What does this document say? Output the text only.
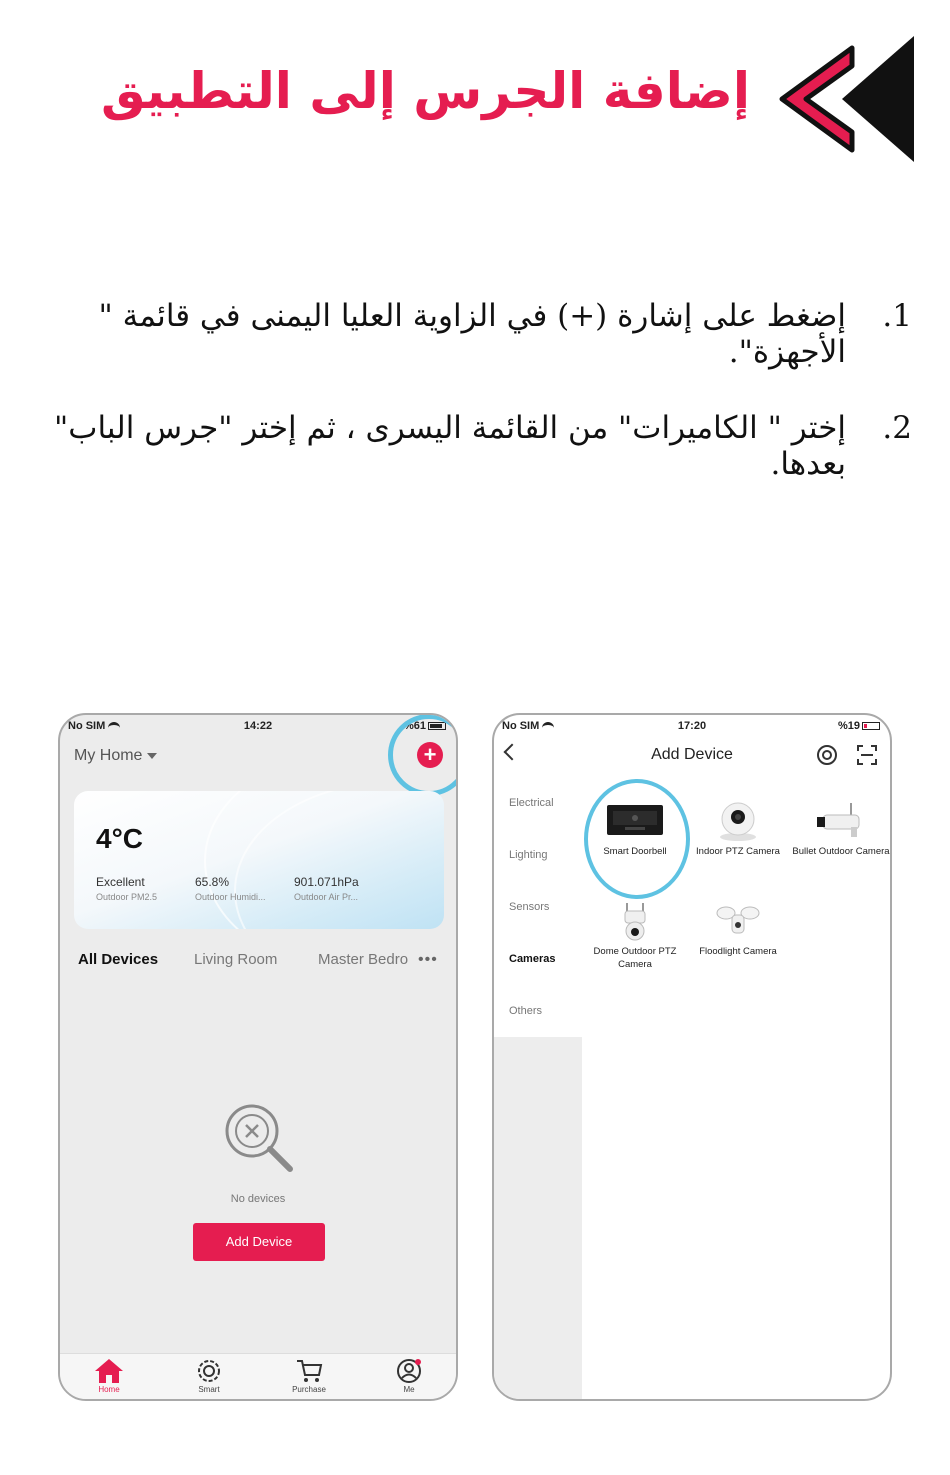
إضافة الجرس إلى التطبيق
.1
إضغط على إشارة (+) في الزاوية العليا اليمنى في قائمة " الأجهزة".
.2
إختر " الكاميرات" من القائمة اليسرى ، ثم إختر "جرس الباب" بعدها.
No SIM	14:22	%61
My Home	+
4°C
Excellent
Outdoor PM2.5
65.8%
Outdoor Humidi...
901.071hPa
Outdoor Air Pr...
All Devices Living Room	Master Bedro •••
No devices
Add Device
Home	Smart	Purchase	Me
No SIM	17:20	%19
Add Device
Electrical
Lighting
Sensors
Cameras
Others
Smart Doorbell	Indoor PTZ Camera	Bullet Outdoor Camera
Dome Outdoor PTZ Camera
Floodlight Camera
